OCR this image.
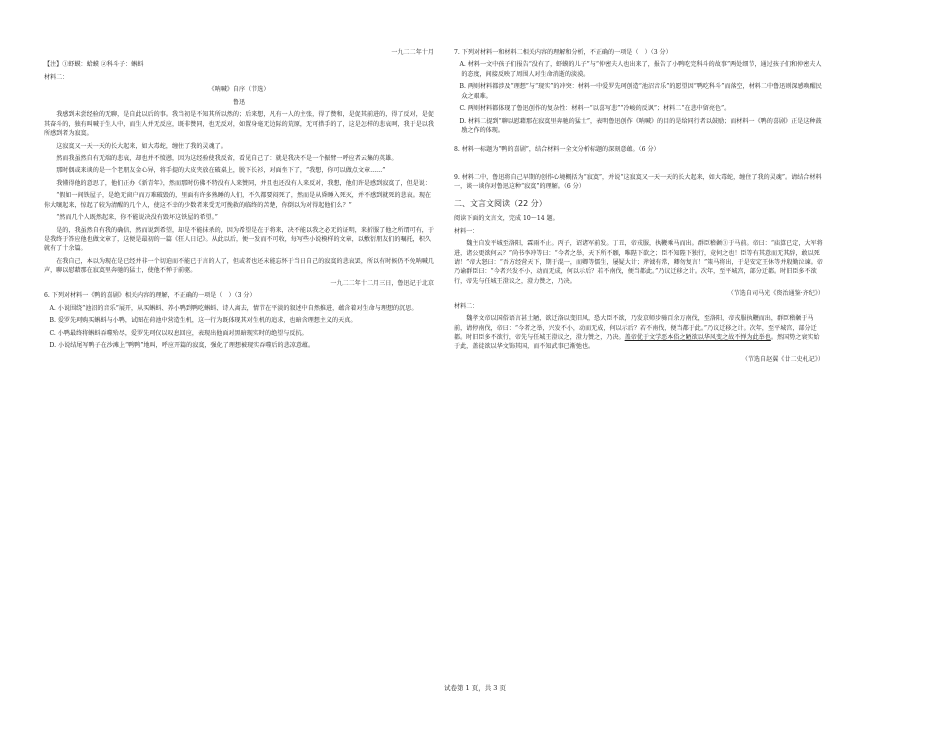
一九二二年十月

【注】①虾蟆：蛤蟆 ②科斗子：蝌蚪

材料二：

《呐喊》自序（节选）

鲁迅

我感到未尝经验的无聊，是自此以后的事。我当初是不知其所以然的；后来想，凡有一人的主张，得了赞和，是促其前进的，得了反对，是促其奋斗的，独有叫喊于生人中，而生人并无反应，既非赞同，也无反对，如置身毫无边际的荒原，无可措手的了，这是怎样的悲哀呵，我于是以我所感到者为寂寞。

这寂寞又一天一天的长大起来，如大毒蛇，缠住了我的灵魂了。

然而我虽然自有无端的悲哀，却也并不愤懑，因为这经验使我反省，看见自己了：就是我决不是一个振臂一呼应者云集的英雄。

那时偶或来谈的是一个老朋友金心异，将手提的大皮夹放在破桌上，脱下长衫，对面坐下了，“我想，你可以做点文章……”

我懂得他的意思了，他们正办《新青年》，然而那时仿佛不特没有人来赞同，并且也还没有人来反对，我想，他们许是感到寂寞了，但是说：

“假如一间铁屋子，是绝无窗户而万难破毁的，里面有许多熟睡的人们，不久都要闷死了，然而是从昏睡入死灭，并不感到就死的悲哀。现在你大嚷起来，惊起了较为清醒的几个人，使这不幸的少数者来受无可挽救的临终的苦楚，你倒以为对得起他们么？”

“然而几个人既然起来，你不能说决没有毁坏这铁屋的希望。”

是的，我虽然自有我的确信，然而说到希望，却是不能抹杀的，因为希望是在于将来，决不能以我之必无的证明，来折服了他之所谓可有，于是我终于答应他也做文章了，这便是最初的一篇《狂人日记》。从此以后，便一发而不可收，每写些小说模样的文章，以敷衍朋友们的嘱托，积久就有了十余篇。

在我自己，本以为现在是已经并非一个切迫而不能已于言的人了，但或者也还未能忘怀于当日自己的寂寞的悲哀罢，所以有时候仍不免呐喊几声，聊以慰藉那在寂寞里奔驰的猛士，使他不惮于前驱。

一九二二年十二月三日，鲁迅记于北京

6. 下列对材料一《鸭的喜剧》相关内容的理解，不正确的一项是（　）（3 分）

A. 小说围绕“池沼的音乐”展开，从买蝌蚪、养小鸭到鸭吃蝌蚪、诗人离去，情节在平淡的叙述中自然推进，蕴含着对生命与理想的沉思。

B. 爱罗先珂购买蝌蚪与小鸭，试图在荷池中营造生机，这一行为既体现其对生机的追求，也暗含理想主义的天真。

C. 小鸭最终将蝌蚪吞噬殆尽，爱罗先珂仅以叹息回应，表现出他面对黑暗现实时的绝望与反抗。

D. 小说结尾写鸭子在沙滩上“鸭鸭”地叫，呼应开篇的寂寞，强化了理想被现实吞噬后的悲凉意蕴。

7. 下列对材料一和材料二相关内容的理解和分析，不正确的一项是（　）（3 分）

A. 材料一文中孩子们报告“没有了，虾蟆的儿子”与“仲密夫人也出来了，报告了小鸭吃完科斗的故事”两处细节，通过孩子们和仲密夫人的态度，间接反映了周围人对生命消逝的淡漠。

B. 两则材料都涉及“理想”与“现实”的冲突：材料一中爱罗先珂创造“池沼音乐”的愿望因“鸭吃科斗”而落空，材料二中鲁迅则深感唤醒民众之艰难。

C. 两则材料都体现了鲁迅创作的复杂性：材料一“以喜写悲”“冷峻的反讽”；材料二“在悲中留亮色”。

D. 材料二提到“聊以慰藉那在寂寞里奔驰的猛士”，表明鲁迅创作《呐喊》的目的是给同行者以鼓励；而材料一《鸭的喜剧》正是这种鼓励之作的体现。

8. 材料一标题为“鸭的喜剧”，结合材料一全文分析标题的深刻意蕴。（6 分）

9. 材料二中，鲁迅将自己早期的创作心境概括为“寂寞”，并说“这寂寞又一天一天的长大起来，如大毒蛇，缠住了我的灵魂”。请结合材料一，谈一谈你对鲁迅这种“寂寞”的理解。（6 分）

二、文言文阅读（22 分）

阅读下面的文言文，完成 10～14 题。

材料一：

魏主自发平城至洛阳，霖雨不止。丙子，诏诸军前发。丁丑，帝戎服，执鞭乘马而出。群臣稽颡①于马前。帝曰：“庙算已定，大军将进，诸公更欲何云？”尚书李冲等曰：“今者之举，天下所不願，唯陛下欲之；臣不知陛下独行，竟何之也！臣等有其意而无其辞，敢以死请！”帝大怒曰：“吾方经营天下，期于混一，而卿等儒生，屡疑大计；斧钺有常，卿勿复言！”策马将出，于是安定王休等并殷勤泣谏。帝乃谕群臣曰：“今者兴发不小，动而无成，何以示后？若不南伐，便当都此。”乃议迁移之计。次年，至平城宫，部分迁都。时旧臣多不欲行，帝先与任城王澄议之，澄力赞之，乃决。

（节选自司马光《资治通鉴·齐纪》）

材料二：

魏孝文帝以国俗语言甚土陋，欲迁洛以变旧风，恐大臣不欲，乃发京师步骑百余万南伐，至洛阳，帝戎服执鞭而出，群臣稽颡于马前，请停南伐，帝曰：“今者之举，兴发不小，动而无成，何以示后？若不南伐，便当都于此。”乃议迁移之计。次年，至平城宫，部分迁都。时旧臣多不欲行，帝先与任城王澄议之，澄力赞之，乃决。盖帝优于文学恶本俗之陋欲以华风变之故不惮为此举也。然国势之衰实始于此，盖徒欲以华文饰其国，而不知武事已渐弛也。

（节选自赵翼《廿二史札记》）

试卷第 1 页，共 3 页
